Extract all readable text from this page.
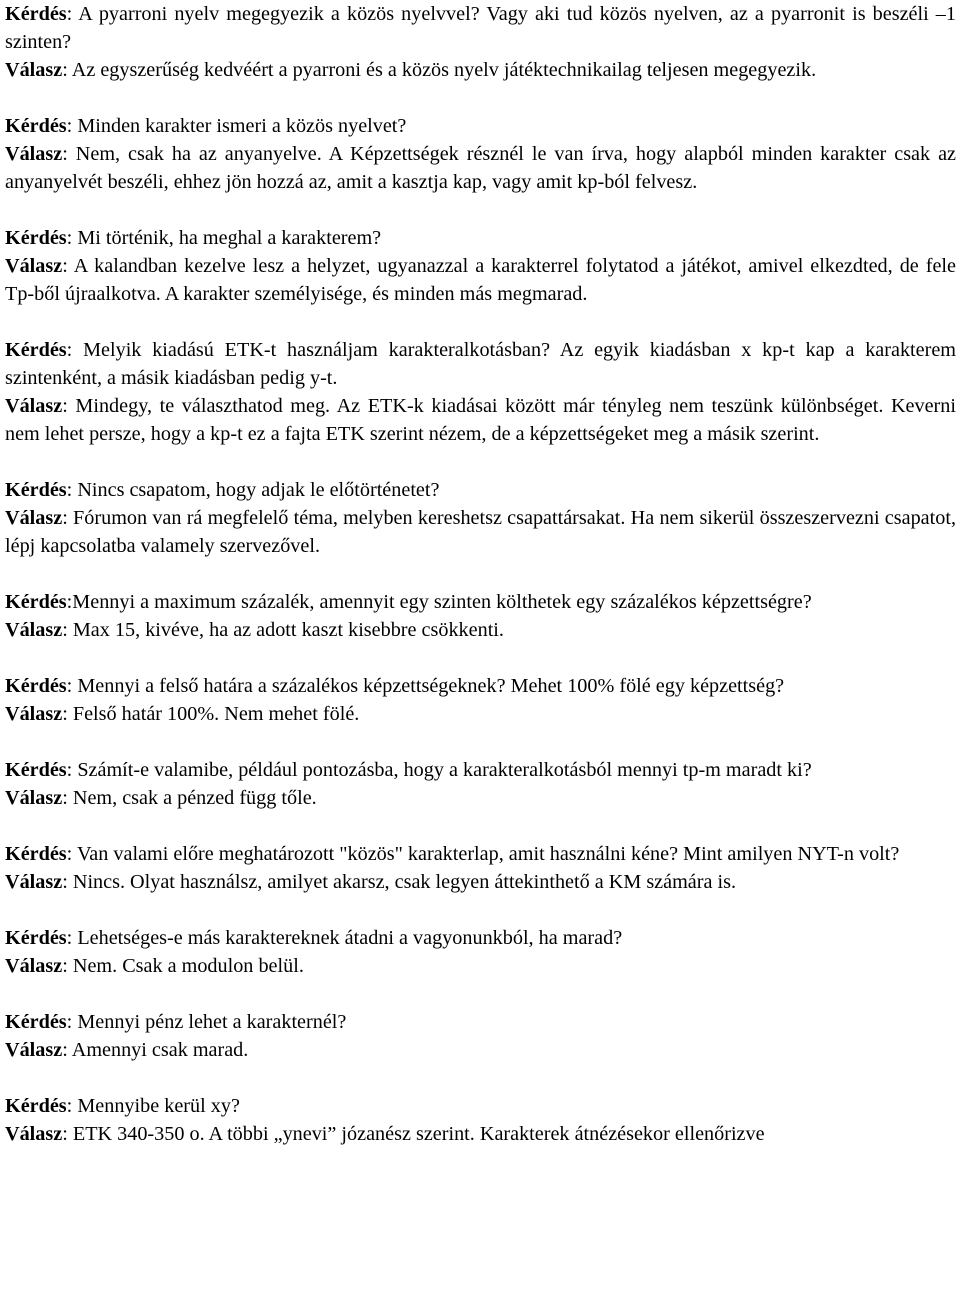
Kérdés: A pyarroni nyelv megegyezik a közös nyelvvel? Vagy aki tud közös nyelven, az a pyarronit is beszéli –1 szinten?

Válasz: Az egyszerűség kedvéért a pyarroni és a közös nyelv játéktechnikailag teljesen megegyezik.

Kérdés: Minden karakter ismeri a közös nyelvet?

Válasz: Nem, csak ha az anyanyelve. A Képzettségek résznél le van írva, hogy alapból minden karakter csak az anyanyelvét beszéli, ehhez jön hozzá az, amit a kasztja kap, vagy amit kp-ból felvesz.

Kérdés: Mi történik, ha meghal a karakterem?

Válasz: A kalandban kezelve lesz a helyzet, ugyanazzal a karakterrel folytatod a játékot, amivel elkezdted, de fele Tp-ből újraalkotva. A karakter személyisége, és minden más megmarad.

Kérdés: Melyik kiadású ETK-t használjam karakteralkotásban? Az egyik kiadásban x kp-t kap a karakterem szintenként, a másik kiadásban pedig y-t.

Válasz: Mindegy, te választhatod meg. Az ETK-k kiadásai között már tényleg nem teszünk különbséget. Keverni nem lehet persze, hogy a kp-t ez a fajta ETK szerint nézem, de a képzettségeket meg a másik szerint.

Kérdés: Nincs csapatom, hogy adjak le előtörténetet?

Válasz: Fórumon van rá megfelelő téma, melyben kereshetsz csapattársakat. Ha nem sikerül összeszervezni csapatot, lépj kapcsolatba valamely szervezővel.

Kérdés:Mennyi a maximum százalék, amennyit egy szinten költhetek egy százalékos képzettségre?

Válasz: Max 15, kivéve, ha az adott kaszt kisebbre csökkenti.

Kérdés: Mennyi a felső határa a százalékos képzettségeknek? Mehet 100% fölé egy képzettség?

Válasz: Felső határ 100%. Nem mehet fölé.

Kérdés: Számít-e valamibe, például pontozásba, hogy a karakteralkotásból mennyi tp-m maradt ki?

Válasz: Nem, csak a pénzed függ tőle.

Kérdés: Van valami előre meghatározott "közös" karakterlap, amit használni kéne? Mint amilyen NYT-n volt?

Válasz: Nincs. Olyat használsz, amilyet akarsz, csak legyen áttekinthető a KM számára is.

Kérdés: Lehetséges-e más karaktereknek átadni a vagyonunkból, ha marad?

Válasz: Nem. Csak a modulon belül.

Kérdés: Mennyi pénz lehet a karakternél?

Válasz: Amennyi csak marad.

Kérdés: Mennyibe kerül xy?

Válasz: ETK 340-350 o. A többi „ynevi” józanész szerint. Karakterek átnézésekor ellenőrizve
